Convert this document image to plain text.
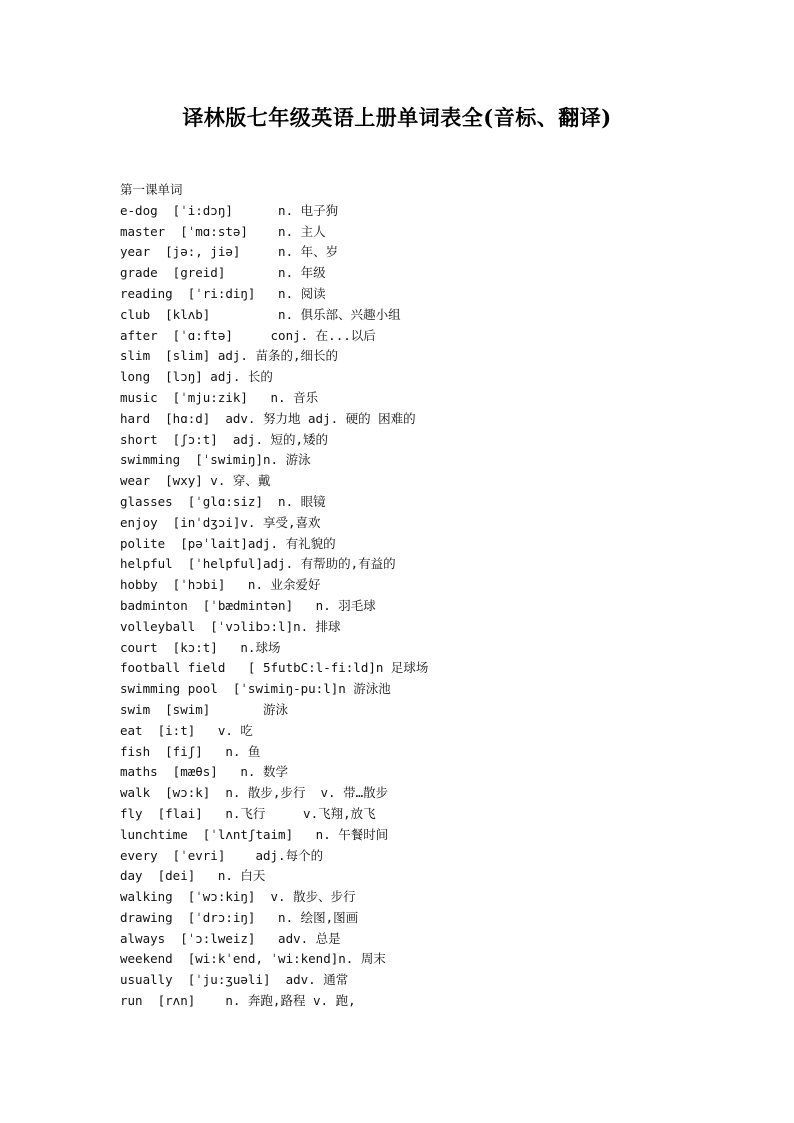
译林版七年级英语上册单词表全(音标、翻译)
第一课单词
e-dog  [ˈi:dɔŋ]      n. 电子狗
master  [ˈmɑ:stə]    n. 主人
year  [jə:, jiə]     n. 年、岁
grade  [greid]       n. 年级
reading  [ˈri:diŋ]   n. 阅读
club  [klʌb]         n. 俱乐部、兴趣小组
after  [ˈɑ:ftə]     conj. 在...以后
slim  [slim] adj. 苗条的,细长的
long  [lɔŋ] adj. 长的
music  [ˈmju:zik]   n. 音乐
hard  [hɑ:d]  adv. 努力地 adj. 硬的 困难的
short  [ʃɔ:t]  adj. 短的,矮的
swimming  [ˈswimiŋ]n. 游泳
wear  [wxy] v. 穿、戴
glasses  [ˈglɑ:siz]  n. 眼镜
enjoy  [inˈdʒɔi]v. 享受,喜欢
polite  [pəˈlait]adj. 有礼貌的
helpful  [ˈhelpful]adj. 有帮助的,有益的
hobby  [ˈhɔbi]   n. 业余爱好
badminton  [ˈbædmintən]   n. 羽毛球
volleyball  [ˈvɔlibɔ:l]n. 排球
court  [kɔ:t]   n.球场
football field   [ 5futbC:l-fi:ld]n 足球场
swimming pool  [ˈswimiŋ-pu:l]n 游泳池
swim  [swim]       游泳
eat  [i:t]   v. 吃
fish  [fiʃ]   n. 鱼
maths  [mæθs]   n. 数学
walk  [wɔ:k]  n. 散步,步行  v. 带…散步
fly  [flai]   n.飞行     v.飞翔,放飞
lunchtime  [ˈlʌntʃtaim]   n. 午餐时间
every  [ˈevri]    adj.每个的
day  [dei]   n. 白天
walking  [ˈwɔ:kiŋ]  v. 散步、步行
drawing  [ˈdrɔ:iŋ]   n. 绘图,图画
always  [ˈɔ:lweiz]   adv. 总是
weekend  [wi:kˈend, ˈwi:kend]n. 周末
usually  [ˈju:ʒuəli]  adv. 通常
run  [rʌn]    n. 奔跑,路程 v. 跑,
